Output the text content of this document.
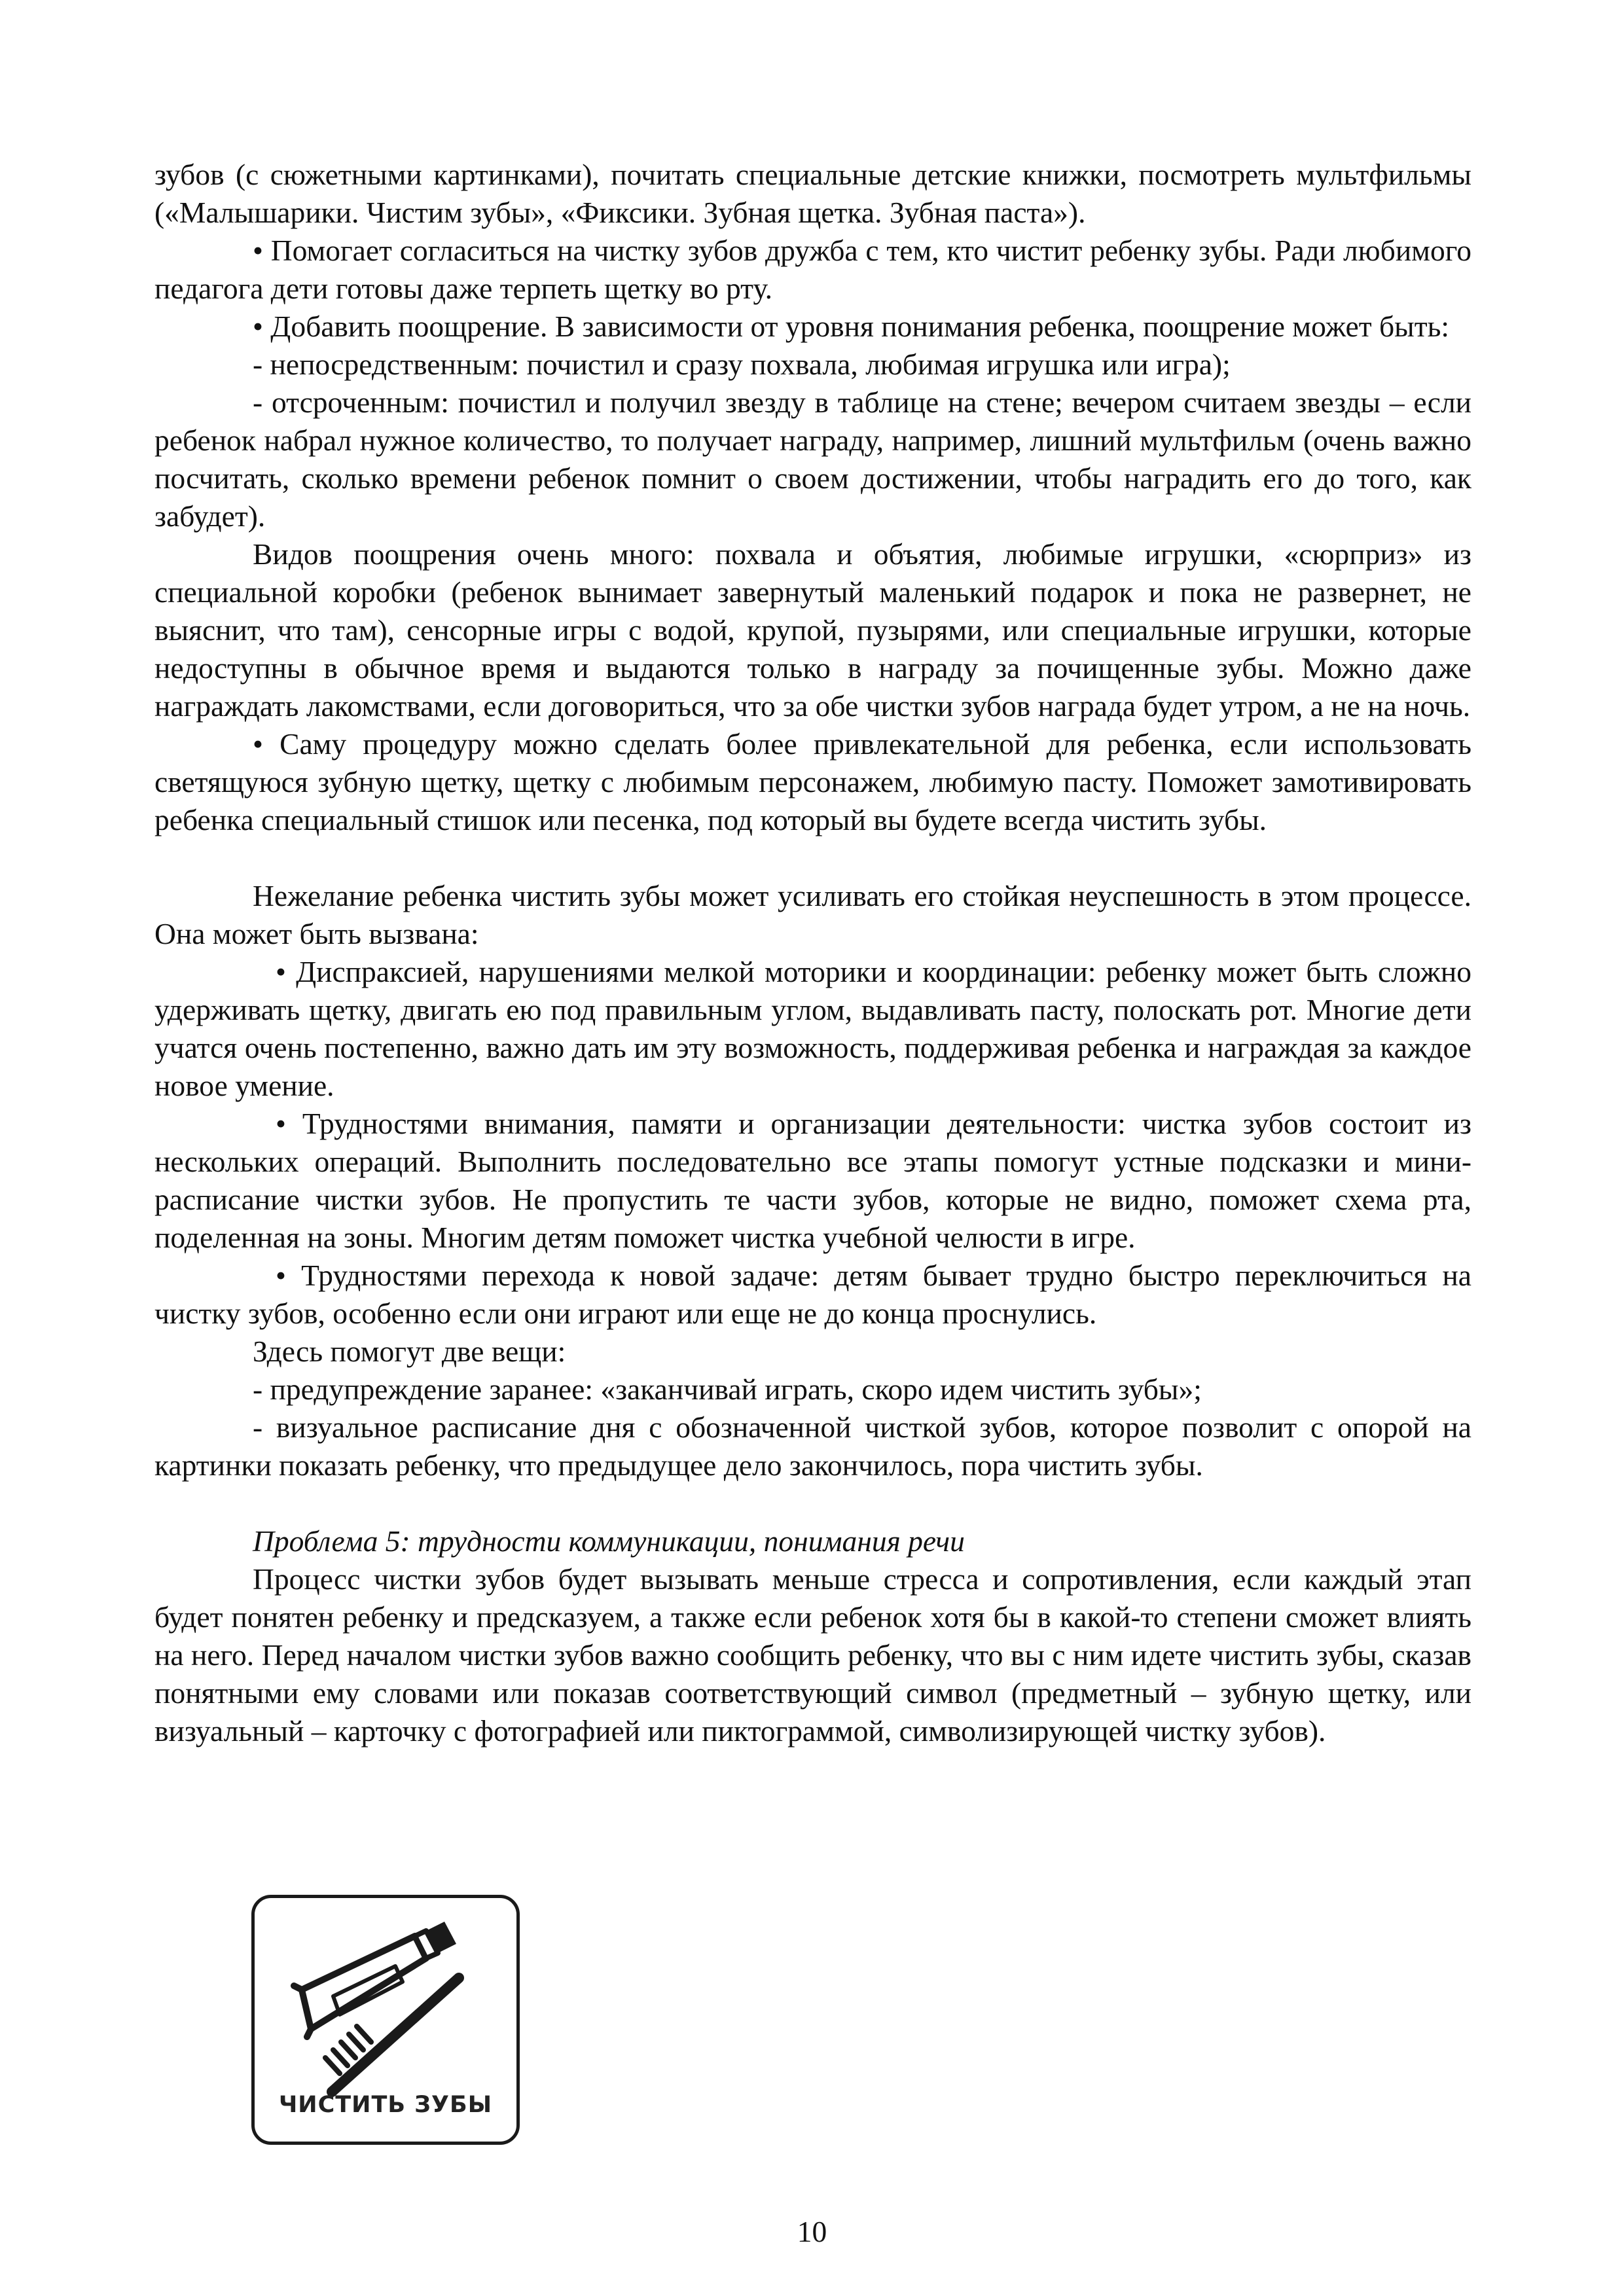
зубов (с сюжетными картинками), почитать специальные детские книжки, посмотреть мультфильмы («Малышарики. Чистим зубы», «Фиксики. Зубная щетка. Зубная паста»).

• Помогает согласиться на чистку зубов дружба с тем, кто чистит ребенку зубы. Ради любимого педагога дети готовы даже терпеть щетку во рту.

• Добавить поощрение. В зависимости от уровня понимания ребенка, поощрение может быть:

- непосредственным: почистил и сразу похвала, любимая игрушка или игра);

- отсроченным: почистил и получил звезду в таблице на стене; вечером считаем звезды – если ребенок набрал нужное количество, то получает награду, например, лишний мультфильм (очень важно посчитать, сколько времени ребенок помнит о своем достижении, чтобы наградить его до того, как забудет).

Видов поощрения очень много: похвала и объятия, любимые игрушки, «сюрприз» из специальной коробки (ребенок вынимает завернутый маленький подарок и пока не развернет, не выяснит, что там), сенсорные игры с водой, крупой, пузырями, или специальные игрушки, которые недоступны в обычное время и выдаются только в награду за почищенные зубы. Можно даже награждать лакомствами, если договориться, что за обе чистки зубов награда будет утром, а не на ночь.

• Саму процедуру можно сделать более привлекательной для ребенка, если использовать светящуюся зубную щетку, щетку с любимым персонажем, любимую пасту. Поможет замотивировать ребенка специальный стишок или песенка, под который вы будете всегда чистить зубы.

Нежелание ребенка чистить зубы может усиливать его стойкая неуспешность в этом процессе. Она может быть вызвана:

• Диспраксией, нарушениями мелкой моторики и координации: ребенку может быть сложно удерживать щетку, двигать ею под правильным углом, выдавливать пасту, полоскать рот. Многие дети учатся очень постепенно, важно дать им эту возможность, поддерживая ребенка и награждая за каждое новое умение.

• Трудностями внимания, памяти и организации деятельности: чистка зубов состоит из нескольких операций. Выполнить последовательно все этапы помогут устные подсказки и мини-расписание чистки зубов. Не пропустить те части зубов, которые не видно, поможет схема рта, поделенная на зоны. Многим детям поможет чистка учебной челюсти в игре.

• Трудностями перехода к новой задаче: детям бывает трудно быстро переключиться на чистку зубов, особенно если они играют или еще не до конца проснулись.

Здесь помогут две вещи:

- предупреждение заранее: «заканчивай играть, скоро идем чистить зубы»;

- визуальное расписание дня с обозначенной чисткой зубов, которое позволит с опорой на картинки показать ребенку, что предыдущее дело закончилось, пора чистить зубы.

Проблема 5: трудности коммуникации, понимания речи

Процесс чистки зубов будет вызывать меньше стресса и сопротивления, если каждый этап будет понятен ребенку и предсказуем, а также если ребенок хотя бы в какой-то степени сможет влиять на него. Перед началом чистки зубов важно сообщить ребенку, что вы с ним идете чистить зубы, сказав понятными ему словами или показав соответствующий символ (предметный – зубную щетку, или визуальный – карточку с фотографией или пиктограммой, символизирующей чистку зубов).

ЧИСТИТЬ ЗУБЫ
10
